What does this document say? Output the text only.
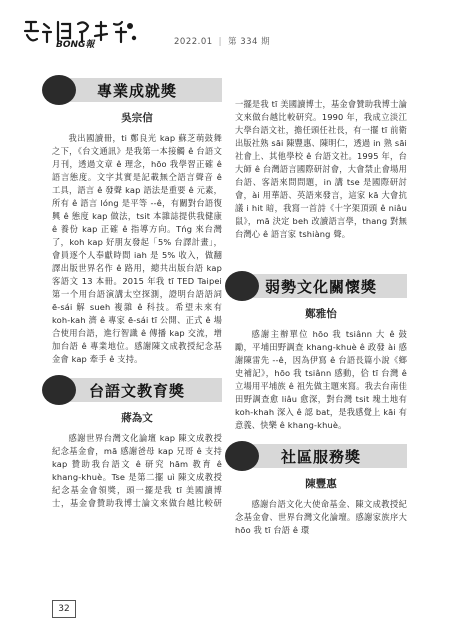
BONG報	2022.01 | 第 334 期
專業成就獎
吳宗信

我出國讀冊，ti 鄭良光 kap 蘇芝萌鼓舞之下，《台文通訊》是我第一本接觸 ê 台語文月刊，透過文章 ê 理念，hōo 我學習正確 ê 語言態度。文字其實是記載無仝語言聲音 ê 工具，語言 ê 發聲 kap 語法是重要 ê 元素，所有 ê 語言 lóng 是平等 --ê，有關對台語復興 ê 態度 kap 做法，tsit 本雜誌提供我健康 ê 養份 kap 正確 ê 指導方向。Tńg 來台灣了，koh kap 好朋友發起「5% 台譯計畫」，會員逐个人奉獻時間 iah 是 5% 收入，做翻譯出版世界名作 ê 路用，總共出版台語 kap 客語文 13 本冊。2015 年我 tī TED Taipei 第一个用台語演講太空探測，證明台語語詞 ē-sái 解 sueh 複雜 ê 科技。希望未來有 koh-kah 濟 ê 專家 ē-sái tī 公開、正式 ê 場合使用台語，進行智識 ê 傳播 kap 交流，增加台語 ê 專業地位。感謝陳文成教授紀念基金會 kap 牽手 ê 支持。

台語文教育獎
蔣為文

感謝世界台灣文化論壇 kap 陳文成教授紀念基金會，mā 感謝爸母 kap 兄哥 ê 支持 kap 贊助我台語文 ê 研究 hām 教育 ê khang-khuè。Tse 是第二擺 uì 陳文成教授紀念基金會領獎，頭一擺是我 tī 美國讀博士，基金會贊助我博士論文來做台越比較研

一擺是我 tī 美國讀博士，基金會贊助我博士論文來做台越比較研究。1990 年，我成立淡江大學台語文社，擔任頭任社長，有一擺 tī 前衛出版社熟 sāi 陳豐惠、陳明仁，透過 in 熟 sāi 社會上、其他學校 ê 台語文社。1995 年，台大師 ê 台灣語言國際研討會，大會禁止會場用台語、客語來問問題，in 講 tse 是國際研討會，ài 用華語、英語來發言，這家 kā 大會抗議 i hit 暗，我寫一首詩《十字架頂頭 ê niâu 鼠》，mā 決定 beh 改讀語言學，thang 對無台灣心 ê 語言家 tshiàng 聲。

弱勢文化關懷獎
鄭雅怡

感謝主辦單位 hōo 我 tsiânn 大 ê 鼓勵，平埔田野調查 khang-khuè ê 政發 ài 感謝陳雷先 --ê，因為伊寫 ê 台語長篇小說《鄉史補記》，hōo 我 tsiânn 感動，佮 tī 台灣 ê 立場用平埔族 ê 祖先做主題來寫。我去台南佳田野調查愈 liâu 愈深，對台灣 tsit 塊土地有 koh-khah 深入 ê 認 bat，是我感覺上 kāi 有意義、快樂 ê khang-khuè。

社區服務獎
陳豐惠

感謝台語文化大使命基金、陳文成教授紀念基金會、世界台灣文化論壇。感謝家族序大 hōo 我 tī 台語 ê 環

32
